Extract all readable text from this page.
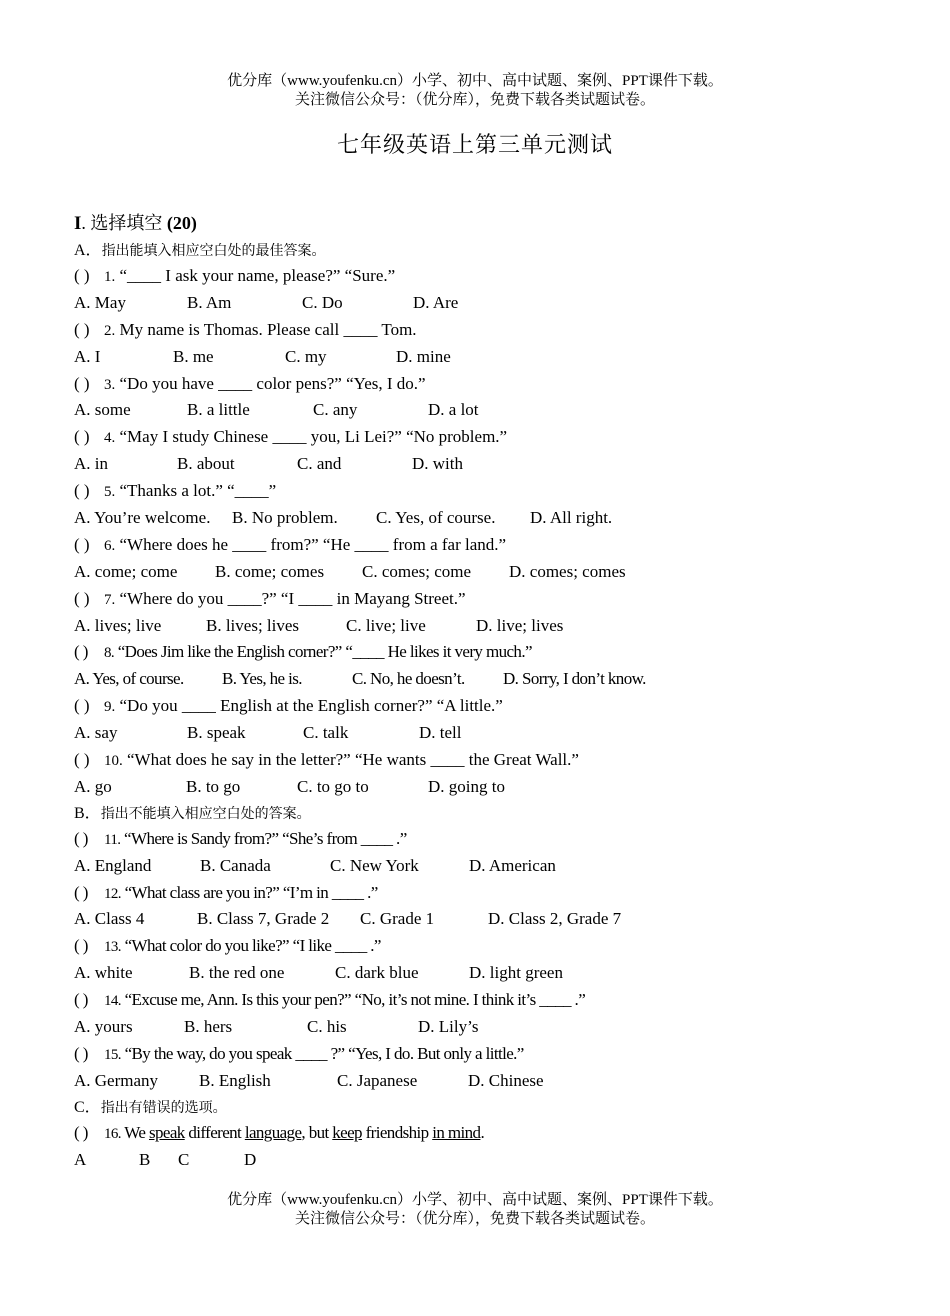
优分库（www.youfenku.cn）小学、初中、高中试题、案例、PPT课件下载。
关注微信公众号：（优分库），免费下载各类试题试卷。
七年级英语上第三单元测试
I. 选择填空 (20)
A．指出能填入相应空白处的最佳答案。
( ) 1. “____ I ask your name, please?” “Sure.”
A. May	B. Am	C. Do	D. Are
( ) 2. My name is Thomas. Please call ____ Tom.
A. I	B. me	C. my	D. mine
( ) 3. “Do you have ____ color pens?” “Yes, I do.”
A. some	B. a little	C. any	D. a lot
( ) 4. “May I study Chinese ____ you, Li Lei?” “No problem.”
A. in	B. about	C. and	D. with
( ) 5. “Thanks a lot.” “____”
A. You’re welcome. B. No problem. C. Yes, of course. D. All right.
( ) 6. “Where does he ____ from?” “He ____ from a far land.”
A. come; come B. come; comes C. comes; come D. comes; comes
( ) 7. “Where do you ____?” “I ____ in Mayang Street.”
A. lives; live	B. lives; lives	C. live; live	D. live; lives
( ) 8. “Does Jim like the English corner?” “____ He likes it very much.”
A. Yes, of course. B. Yes, he is.	C. No, he doesn’t. D. Sorry, I don’t know.
( ) 9. “Do you ____ English at the English corner?” “A little.”
A. say	B. speak	C. talk	D. tell
( ) 10. “What does he say in the letter?” “He wants ____ the Great Wall.”
A. go	B. to go	C. to go to	D. going to
B．指出不能填入相应空白处的答案。
( ) 11. “Where is Sandy from?” “She’s from ____ .”
A. England	B. Canada	C. New York	D. American
( ) 12. “What class are you in?” “I’m in ____ .”
A. Class 4	B. Class 7, Grade 2 C. Grade 1	D. Class 2, Grade 7
( ) 13. “What color do you like?” “I like ____ .”
A. white	B. the red one	C. dark blue	D. light green
( ) 14. “Excuse me, Ann. Is this your pen?” “No, it’s not mine. I think it’s ____ .”
A. yours	B. hers	C. his	D. Lily’s
( ) 15. “By the way, do you speak ____ ?” “Yes, I do. But only a little.”
A. Germany B. English	C. Japanese	D. Chinese
C．指出有错误的选项。
( ) 16. We speak different language, but keep friendship in mind.
A	B C	D
优分库（www.youfenku.cn）小学、初中、高中试题、案例、PPT课件下载。
关注微信公众号：（优分库），免费下载各类试题试卷。
